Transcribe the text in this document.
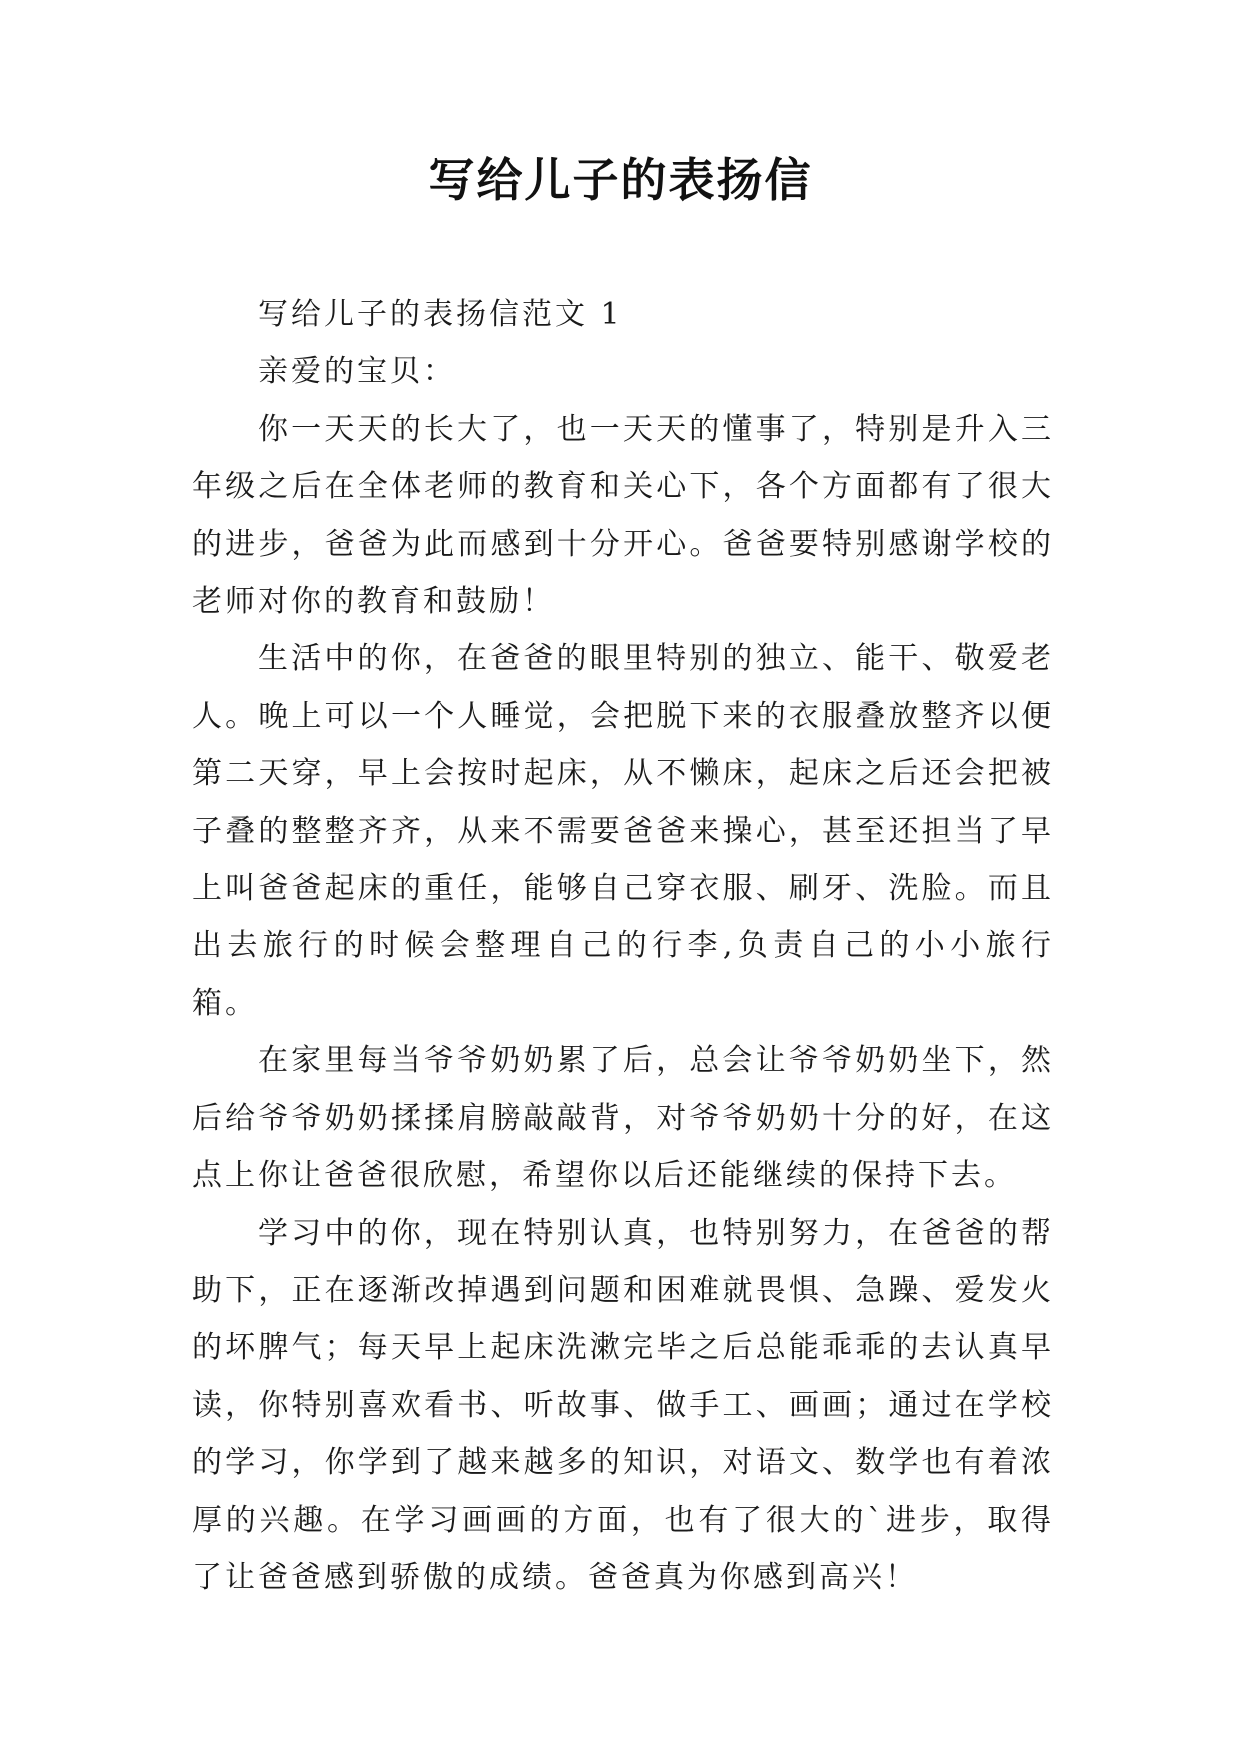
写给儿子的表扬信

写给儿子的表扬信范文 1

亲爱的宝贝：

你一天天的长大了，也一天天的懂事了，特别是升入三年级之后在全体老师的教育和关心下，各个方面都有了很大的进步，爸爸为此而感到十分开心。爸爸要特别感谢学校的老师对你的教育和鼓励！

生活中的你，在爸爸的眼里特别的独立、能干、敬爱老人。晚上可以一个人睡觉，会把脱下来的衣服叠放整齐以便第二天穿，早上会按时起床，从不懒床，起床之后还会把被子叠的整整齐齐，从来不需要爸爸来操心，甚至还担当了早上叫爸爸起床的重任，能够自己穿衣服、刷牙、洗脸。而且出去旅行的时候会整理自己的行李,负责自己的小小旅行箱。

在家里每当爷爷奶奶累了后，总会让爷爷奶奶坐下，然后给爷爷奶奶揉揉肩膀敲敲背，对爷爷奶奶十分的好，在这点上你让爸爸很欣慰，希望你以后还能继续的保持下去。

学习中的你，现在特别认真，也特别努力，在爸爸的帮助下，正在逐渐改掉遇到问题和困难就畏惧、急躁、爱发火的坏脾气；每天早上起床洗漱完毕之后总能乖乖的去认真早读，你特别喜欢看书、听故事、做手工、画画；通过在学校的学习，你学到了越来越多的知识，对语文、数学也有着浓厚的兴趣。在学习画画的方面，也有了很大的`进步，取得了让爸爸感到骄傲的成绩。爸爸真为你感到高兴！
